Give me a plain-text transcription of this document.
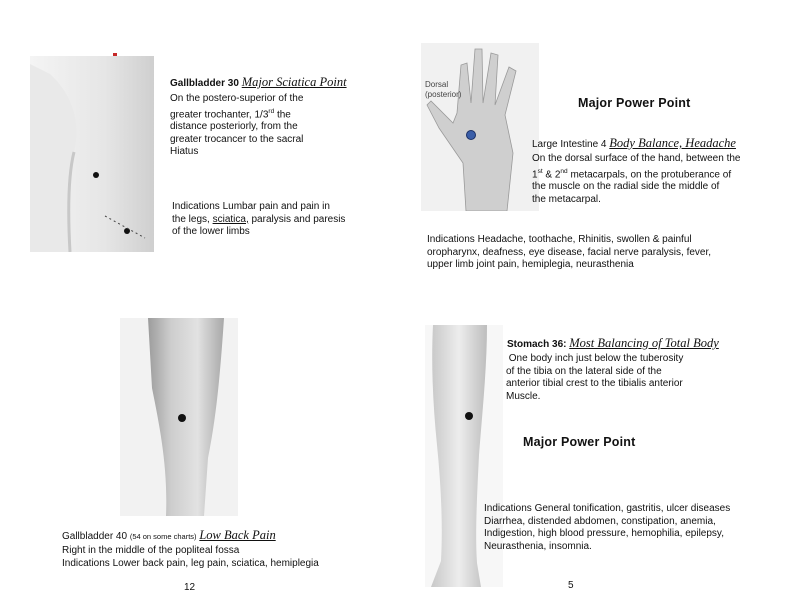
Gallbladder 30 Major Sciatica Point
On the postero-superior of the
greater trochanter, 1/3rd the
distance posteriorly, from the
greater trocancer to the sacral
Hiatus
Indications Lumbar pain and pain in
the legs, sciatica, paralysis and paresis
of the lower limbs
Dorsal
(posterior)
Major Power Point
Large Intestine 4 Body Balance, Headache
On the dorsal surface of the hand, between the
1st & 2nd metacarpals, on the protuberance of
the muscle on the radial side the middle of
the metacarpal.
Indications Headache, toothache, Rhinitis, swollen & painful
oropharynx, deafness, eye disease, facial nerve paralysis, fever,
upper limb joint pain, hemiplegia, neurasthenia
Gallbladder 40 (54 on some charts) Low Back Pain
Right in the middle of the popliteal fossa
Indications Lower back pain, leg pain, sciatica, hemiplegia
12
Stomach 36: Most Balancing of Total Body
One body inch just below the tuberosity
of the tibia on the lateral side of the
anterior tibial crest to the tibialis anterior
Muscle.
Major Power Point
Indications General tonification, gastritis, ulcer diseases
Diarrhea, distended abdomen, constipation, anemia,
Indigestion, high blood pressure, hemophilia, epilepsy,
Neurasthenia, insomnia.
5
